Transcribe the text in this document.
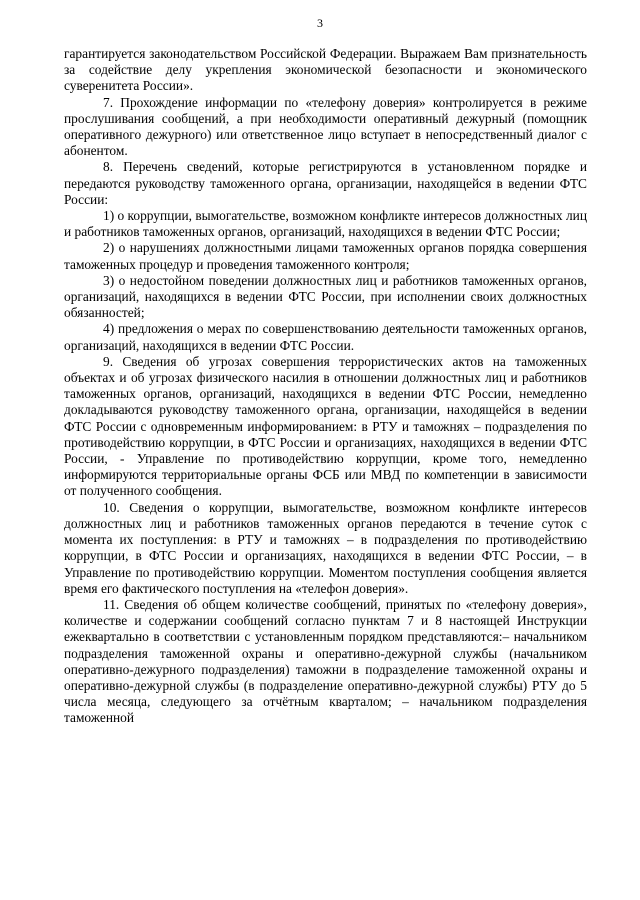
3

гарантируется законодательством Российской Федерации. Выражаем Вам признательность за содействие делу укрепления экономической безопасности и экономического суверенитета России».

7. Прохождение информации по «телефону доверия» контролируется в режиме прослушивания сообщений, а при необходимости оперативный дежурный (помощник оперативного дежурного) или ответственное лицо вступает в непосредственный диалог с абонентом.

8. Перечень сведений, которые регистрируются в установленном порядке и передаются руководству таможенного органа, организации, находящейся в ведении ФТС России:

1) о коррупции, вымогательстве, возможном конфликте интересов должностных лиц и работников таможенных органов, организаций, находящихся в ведении ФТС России;

2) о нарушениях должностными лицами таможенных органов порядка совершения таможенных процедур и проведения таможенного контроля;

3) о недостойном поведении должностных лиц и работников таможенных органов, организаций, находящихся в ведении ФТС России, при исполнении своих должностных обязанностей;

4) предложения о мерах по совершенствованию деятельности таможенных органов, организаций, находящихся в ведении ФТС России.

9. Сведения об угрозах совершения террористических актов на таможенных объектах и об угрозах физического насилия в отношении должностных лиц и работников таможенных органов, организаций, находящихся в ведении ФТС России, немедленно докладываются руководству таможенного органа, организации, находящейся в ведении ФТС России с одновременным информированием: в РТУ и таможнях – подразделения по противодействию коррупции, в ФТС России и организациях, находящихся в ведении ФТС России, - Управление по противодействию коррупции, кроме того, немедленно информируются территориальные органы ФСБ или МВД по компетенции в зависимости от полученного сообщения.

10. Сведения о коррупции, вымогательстве, возможном конфликте интересов должностных лиц и работников таможенных органов передаются в течение суток с момента их поступления: в РТУ и таможнях – в подразделения по противодействию коррупции, в ФТС России и организациях, находящихся в ведении ФТС России, – в Управление по противодействию коррупции. Моментом поступления сообщения является время его фактического поступления на «телефон доверия».

11. Сведения об общем количестве сообщений, принятых по «телефону доверия», количестве и содержании сообщений согласно пунктам 7 и 8 настоящей Инструкции ежеквартально в соответствии с установленным порядком представляются:– начальником подразделения таможенной охраны и оперативно-дежурной службы (начальником оперативно-дежурного подразделения) таможни в подразделение таможенной охраны и оперативно-дежурной службы (в подразделение оперативно-дежурной службы) РТУ до 5 числа месяца, следующего за отчётным кварталом; – начальником подразделения таможенной
